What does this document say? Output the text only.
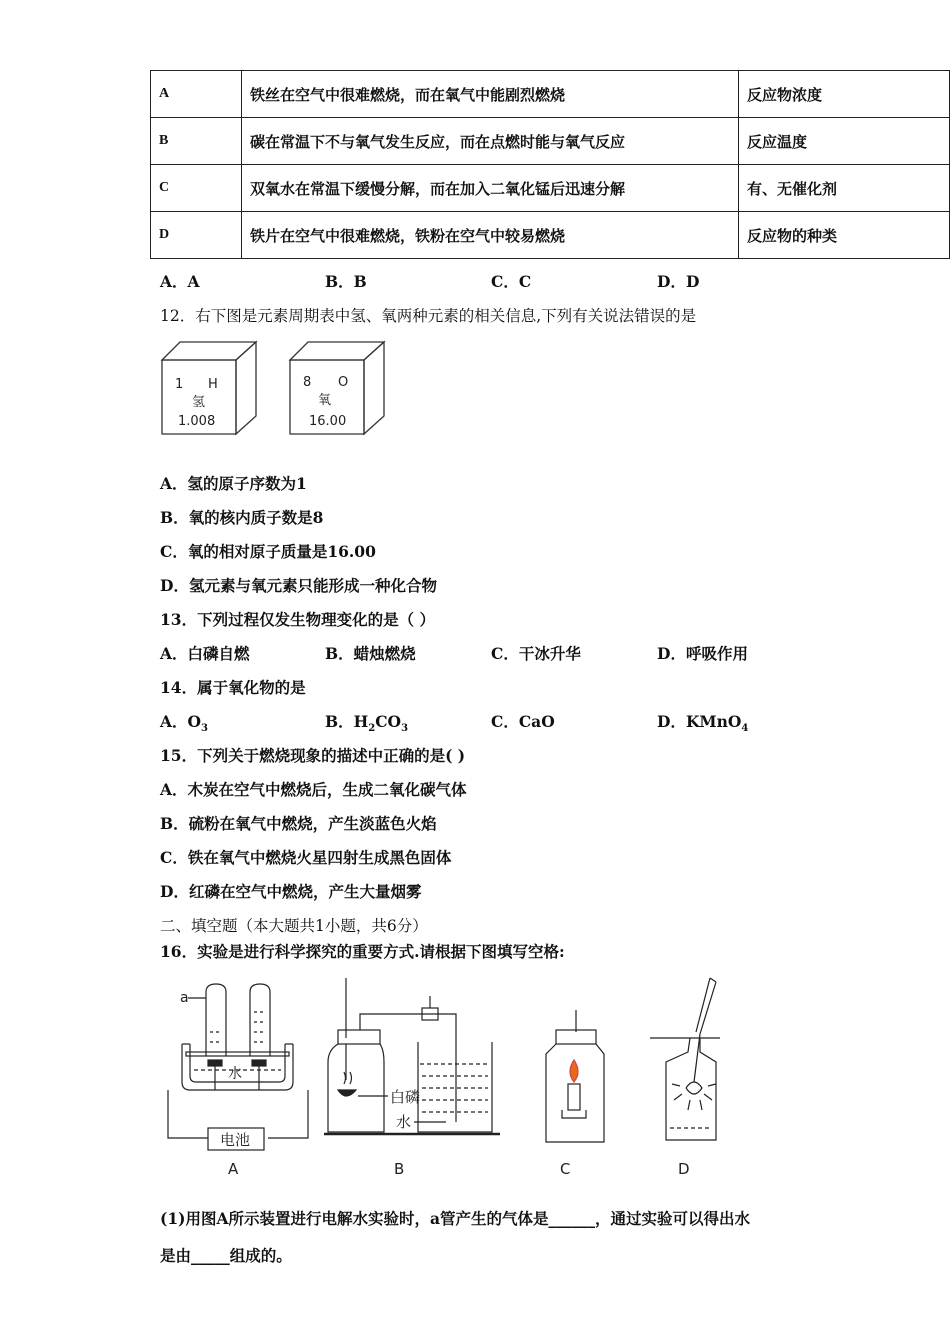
A	铁丝在空气中很难燃烧，而在氧气中能剧烈燃烧	反应物浓度
B	碳在常温下不与氧气发生反应，而在点燃时能与氧气反应	反应温度
C	双氧水在常温下缓慢分解，而在加入二氧化锰后迅速分解	有、无催化剂
D	铁片在空气中很难燃烧，铁粉在空气中较易燃烧	反应物的种类
A．A	B．B	C．C	D．D
12．右下图是元素周期表中氢、氧两种元素的相关信息,下列有关说法错误的是
1 H
氢
1.008
8 O
氧
16.00
A．氢的原子序数为1
B．氧的核内质子数是8
C．氧的相对原子质量是16.00
D．氢元素与氧元素只能形成一种化合物
13．下列过程仅发生物理变化的是（ ）
A．白磷自燃	B．蜡烛燃烧	C．干冰升华	D．呼吸作用
14．属于氧化物的是
A．$O_3$	B．$H_2CO_3$	C．CaO	D．KMnO$_4$
15．下列关于燃烧现象的描述中正确的是( )
A．木炭在空气中燃烧后，生成二氧化碳气体
B．硫粉在氧气中燃烧，产生淡蓝色火焰
C．铁在氧气中燃烧火星四射生成黑色固体
D．红磷在空气中燃烧，产生大量烟雾
二、填空题（本大题共1小题，共6分）
16．实验是进行科学探究的重要方式.请根据下图填写空格:
a
水
电池
白磷
水
A	B	C	D
(1)用图A所示装置进行电解水实验时，a管产生的气体是______，通过实验可以得出水
是由_____组成的。
